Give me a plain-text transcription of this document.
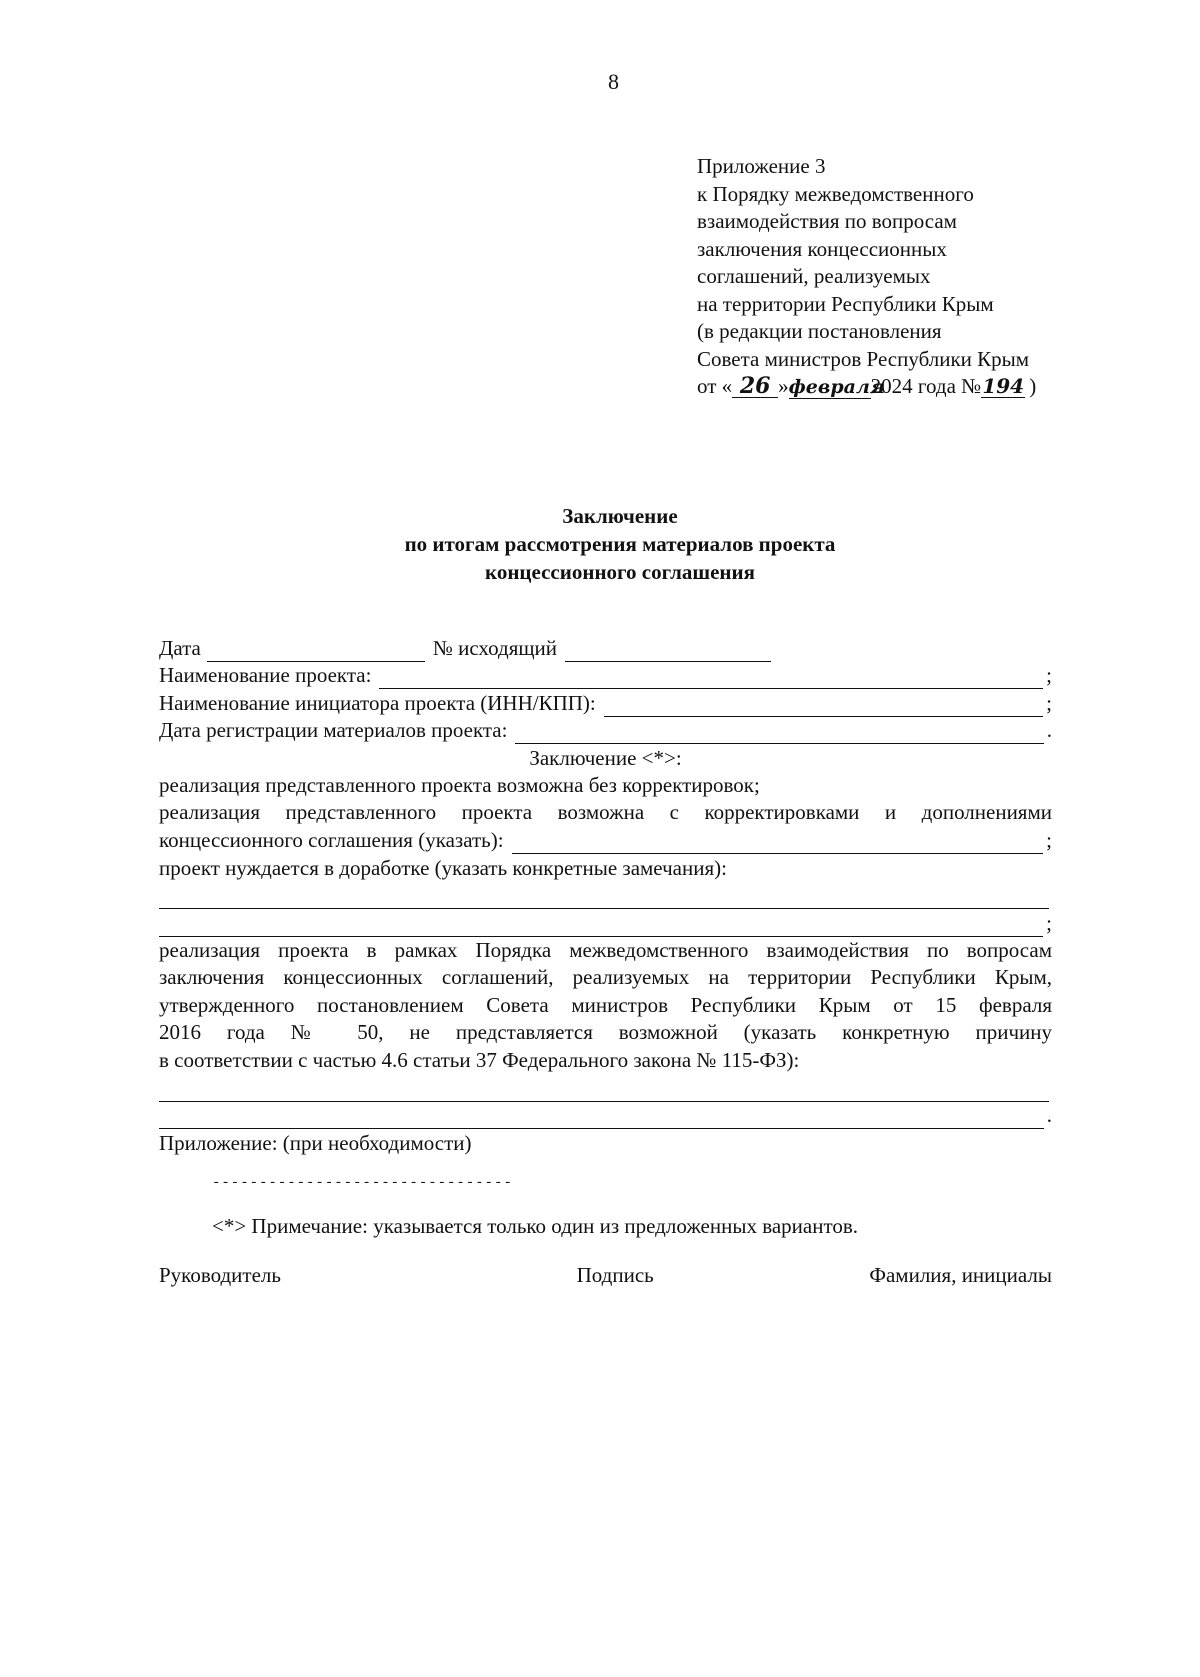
8
Приложение 3
к Порядку межведомственного
взаимодействия по вопросам
заключения концессионных
соглашений, реализуемых
на территории Республики Крым
(в редакции постановления
Совета министров Республики Крым
от « 26 »февраля2024 года №194 )
Заключение
по итогам рассмотрения материалов проекта
концессионного соглашения
Дата	№ исходящий
Наименование проекта:	;
Наименование инициатора проекта (ИНН/КПП):	;
Дата регистрации материалов проекта:	.
Заключение <*>:
реализация представленного проекта возможна без корректировок;
реализация представленного проекта возможна с корректировками и дополнениями
концессионного соглашения (указать):	;
проект нуждается в доработке (указать конкретные замечания):
;
реализация проекта в рамках Порядка межведомственного взаимодействия по вопросам
заключения концессионных соглашений, реализуемых на территории Республики Крым,
утвержденного постановлением Совета министров Республики Крым от 15 февраля
2016 года № 50, не представляется возможной (указать конкретную причину
в соответствии с частью 4.6 статьи 37 Федерального закона № 115-ФЗ):
.
Приложение: (при необходимости)
--------------------------------
<*> Примечание: указывается только один из предложенных вариантов.
Руководитель	Подпись	Фамилия, инициалы
